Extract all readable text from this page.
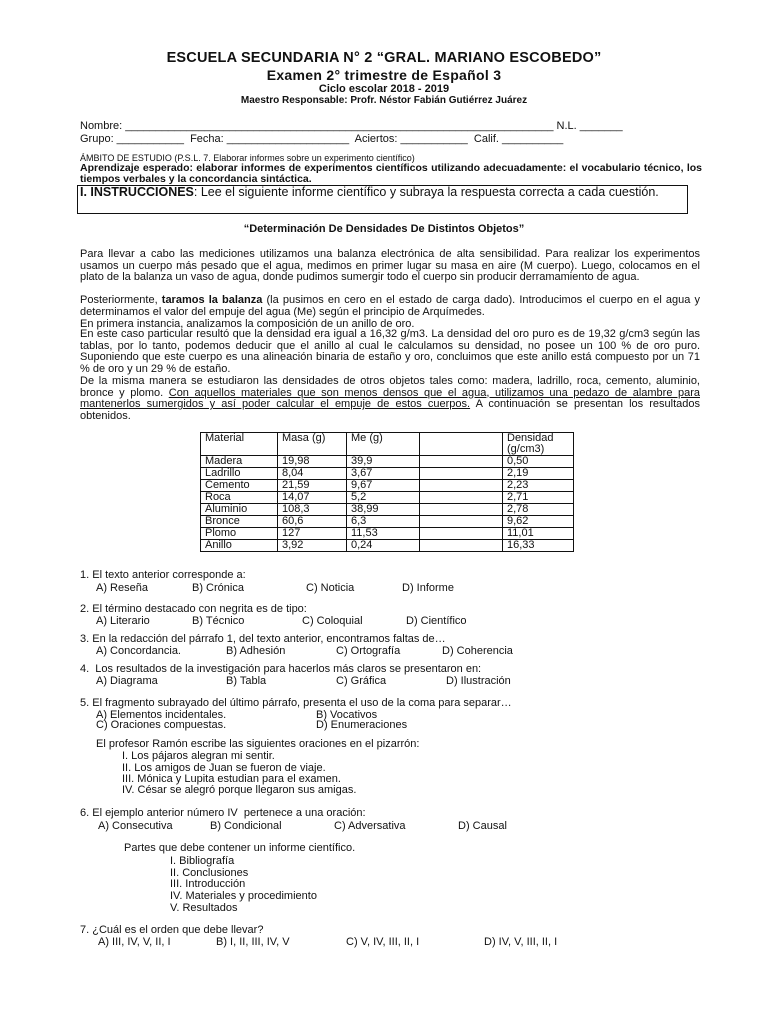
ESCUELA SECUNDARIA N° 2 “GRAL. MARIANO ESCOBEDO”
Examen 2° trimestre de Español 3
Ciclo escolar 2018 - 2019
Maestro Responsable: Profr. Néstor Fabián Gutiérrez Juárez
Nombre: ______________________________________________________________________ N.L. _______
Grupo: ___________  Fecha: ____________________  Aciertos: ___________  Calif. __________
ÁMBITO DE ESTUDIO (P.S.L. 7. Elaborar informes sobre un experimento científico)
Aprendizaje esperado: elaborar informes de experimentos científicos utilizando adecuadamente: el vocabulario técnico, los tiempos verbales y la concordancia sintáctica.
I. INSTRUCCIONES: Lee el siguiente informe científico y subraya la respuesta correcta a cada cuestión.
“Determinación De Densidades De Distintos Objetos”
Para llevar a cabo las mediciones utilizamos una balanza electrónica de alta sensibilidad. Para realizar los experimentos usamos un cuerpo más pesado que el agua, medimos en primer lugar su masa en aire (M cuerpo). Luego, colocamos en el plato de la balanza un vaso de agua, donde pudimos sumergir todo el cuerpo sin producir derramamiento de agua.
Posteriormente, taramos la balanza (la pusimos en cero en el estado de carga dado). Introducimos el cuerpo en el agua y determinamos el valor del empuje del agua (Me) según el principio de Arquímedes.
En primera instancia, analizamos la composición de un anillo de oro.
En este caso particular resultó que la densidad era igual a 16,32 g/m3. La densidad del oro puro es de 19,32 g/cm3 según las tablas, por lo tanto, podemos deducir que el anillo al cual le calculamos su densidad, no posee un 100 % de oro puro. Suponiendo que este cuerpo es una alineación binaria de estaño y oro, concluimos que este anillo está compuesto por un 71 % de oro y un 29 % de estaño.
De la misma manera se estudiaron las densidades de otros objetos tales como: madera, ladrillo, roca, cemento, aluminio, bronce y plomo. Con aquellos materiales que son menos densos que el agua, utilizamos una pedazo de alambre para mantenerlos sumergidos y así poder calcular el empuje de estos cuerpos. A continuación se presentan los resultados obtenidos.
Material	Masa (g)	Me (g)		Densidad (g/cm3)
Madera	19,98	39,9		0,50
Ladrillo	8,04	3,67		2,19
Cemento	21,59	9,67		2,23
Roca	14,07	5,2		2,71
Aluminio	108,3	38,99		2,78
Bronce	60,6	6,3		9,62
Plomo	127	11,53		11,01
Anillo	3,92	0,24		16,33
1. El texto anterior corresponde a:
A) Reseña	B) Crónica	C) Noticia	D) Informe
2. El término destacado con negrita es de tipo:
A) Literario	B) Técnico	C) Coloquial	D) Científico
3. En la redacción del párrafo 1, del texto anterior, encontramos faltas de…
A) Concordancia.	B) Adhesión	C) Ortografía	D) Coherencia
4.  Los resultados de la investigación para hacerlos más claros se presentaron en:
A) Diagrama	B) Tabla	C) Gráfica	D) Ilustración
5. El fragmento subrayado del último párrafo, presenta el uso de la coma para separar…
A) Elementos incidentales.	B) Vocativos
C) Oraciones compuestas.	D) Enumeraciones
El profesor Ramón escribe las siguientes oraciones en el pizarrón:
I. Los pájaros alegran mi sentir.
II. Los amigos de Juan se fueron de viaje.
III. Mónica y Lupita estudian para el examen.
IV. César se alegró porque llegaron sus amigas.
6. El ejemplo anterior número IV  pertenece a una oración:
A) Consecutiva	B) Condicional	C) Adversativa	D) Causal
Partes que debe contener un informe científico.
I. Bibliografía
II. Conclusiones
III. Introducción
IV. Materiales y procedimiento
V. Resultados
7. ¿Cuál es el orden que debe llevar?
A) III, IV, V, II, I	B) I, II, III, IV, V	C) V, IV, III, II, I	D) IV, V, III, II, I
